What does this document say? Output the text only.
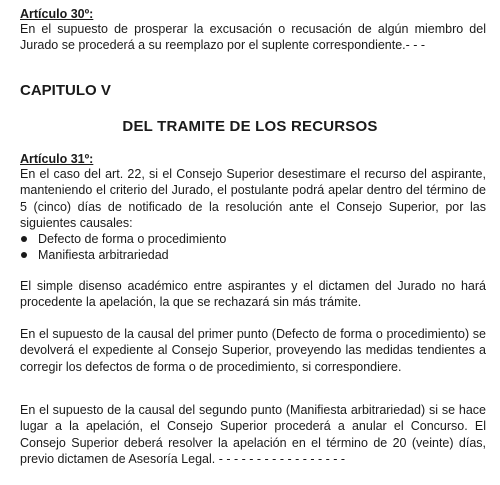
Artículo 30º:

En el supuesto de prosperar la excusación o recusación de algún miembro del Jurado se procederá a su reemplazo por el suplente correspondiente.- - -

CAPITULO V

DEL TRAMITE DE LOS RECURSOS

Artículo 31º:

En el caso del art. 22, si el Consejo Superior desestimare el recurso del aspirante, manteniendo el criterio del Jurado, el postulante podrá apelar dentro del término de 5 (cinco) días de notificado de la resolución ante el Consejo Superior, por las siguientes causales:

Defecto de forma o procedimiento
Manifiesta arbitrariedad

El simple disenso académico entre aspirantes y el dictamen del Jurado no hará procedente la apelación, la que se rechazará sin más trámite.

En el supuesto de la causal del primer punto (Defecto de forma o procedimiento) se devolverá el expediente al Consejo Superior, proveyendo las medidas tendientes a corregir los defectos de forma o de procedimiento, si correspondiere.

En el supuesto de la causal del segundo punto (Manifiesta arbitrariedad) si se hace lugar a la apelación, el Consejo Superior procederá a anular el Concurso. El Consejo Superior deberá resolver la apelación en el término de 20 (veinte) días, previo dictamen de Asesoría Legal. - - - - - - - - - - - - - - - - -
